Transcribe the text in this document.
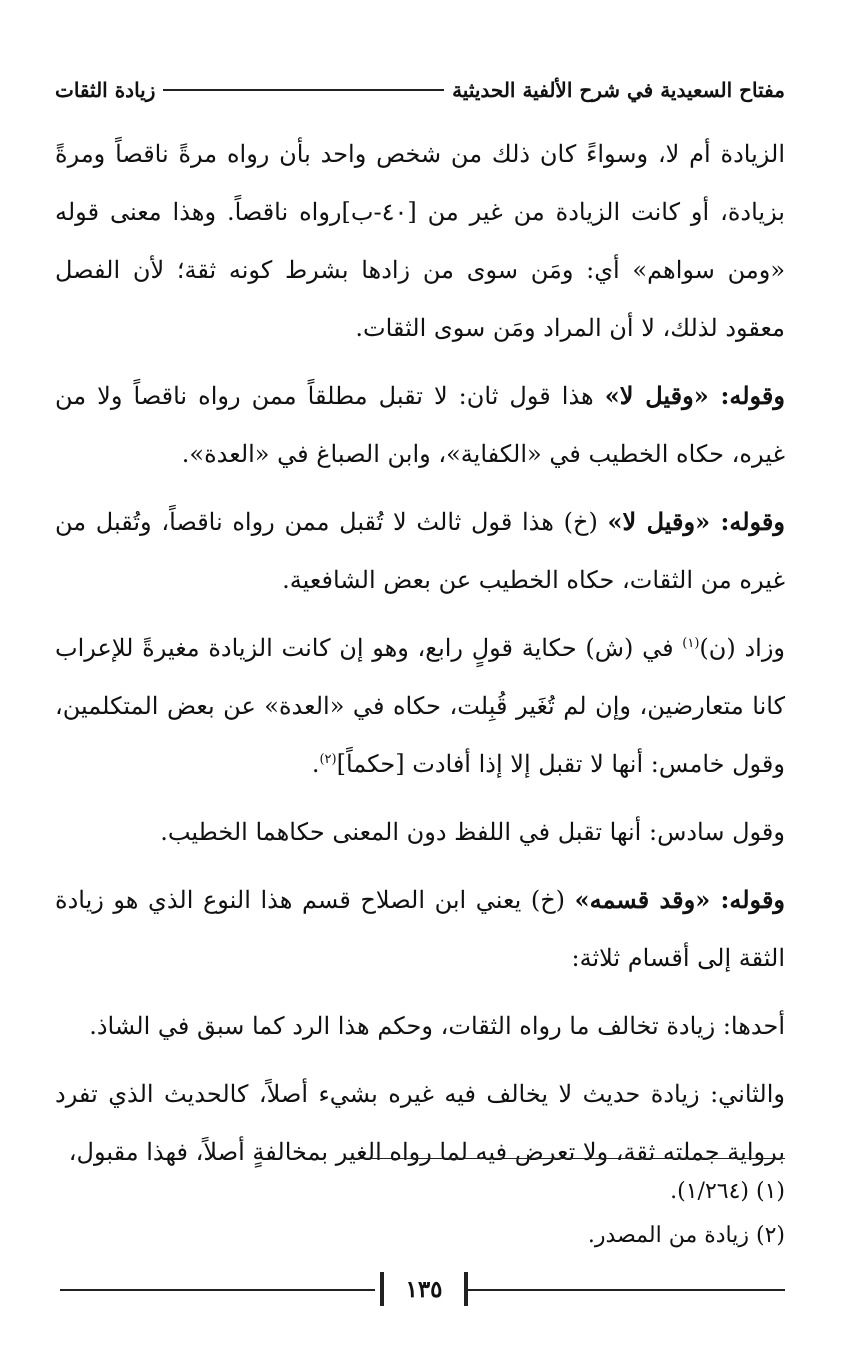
مفتاح السعيدية في شرح الألفية الحديثية
زيادة الثقات

الزيادة أم لا، وسواءً كان ذلك من شخص واحد بأن رواه مرةً ناقصاً ومرةً بزيادة، أو كانت الزيادة من غير من [٤٠-ب]رواه ناقصاً. وهذا معنى قوله «ومن سواهم» أي: ومَن سوى من زادها بشرط كونه ثقة؛ لأن الفصل معقود لذلك، لا أن المراد ومَن سوى الثقات.

وقوله: «وقيل لا» هذا قول ثان: لا تقبل مطلقاً ممن رواه ناقصاً ولا من غيره، حكاه الخطيب في «الكفاية»، وابن الصباغ في «العدة».

وقوله: «وقيل لا» (خ) هذا قول ثالث لا تُقبل ممن رواه ناقصاً، وتُقبل من غيره من الثقات، حكاه الخطيب عن بعض الشافعية.

وزاد (ن)$^{(١)}$ في (ش) حكاية قولٍ رابع، وهو إن كانت الزيادة مغيرةً للإعراب كانا متعارضين، وإن لم تُغَير قُبِلت، حكاه في «العدة» عن بعض المتكلمين، وقول خامس: أنها لا تقبل إلا إذا أفادت [حكماً]$^{(٢)}$.

وقول سادس: أنها تقبل في اللفظ دون المعنى حكاهما الخطيب.

وقوله: «وقد قسمه» (خ) يعني ابن الصلاح قسم هذا النوع الذي هو زيادة الثقة إلى أقسام ثلاثة:

أحدها: زيادة تخالف ما رواه الثقات، وحكم هذا الرد كما سبق في الشاذ.

والثاني: زيادة حديث لا يخالف فيه غيره بشيء أصلاً، كالحديث الذي تفرد برواية جملته ثقة، ولا تعرض فيه لما رواه الغير بمخالفةٍ أصلاً، فهذا مقبول،

(١) (١/٢٦٤).

(٢) زيادة من المصدر.

١٣٥
